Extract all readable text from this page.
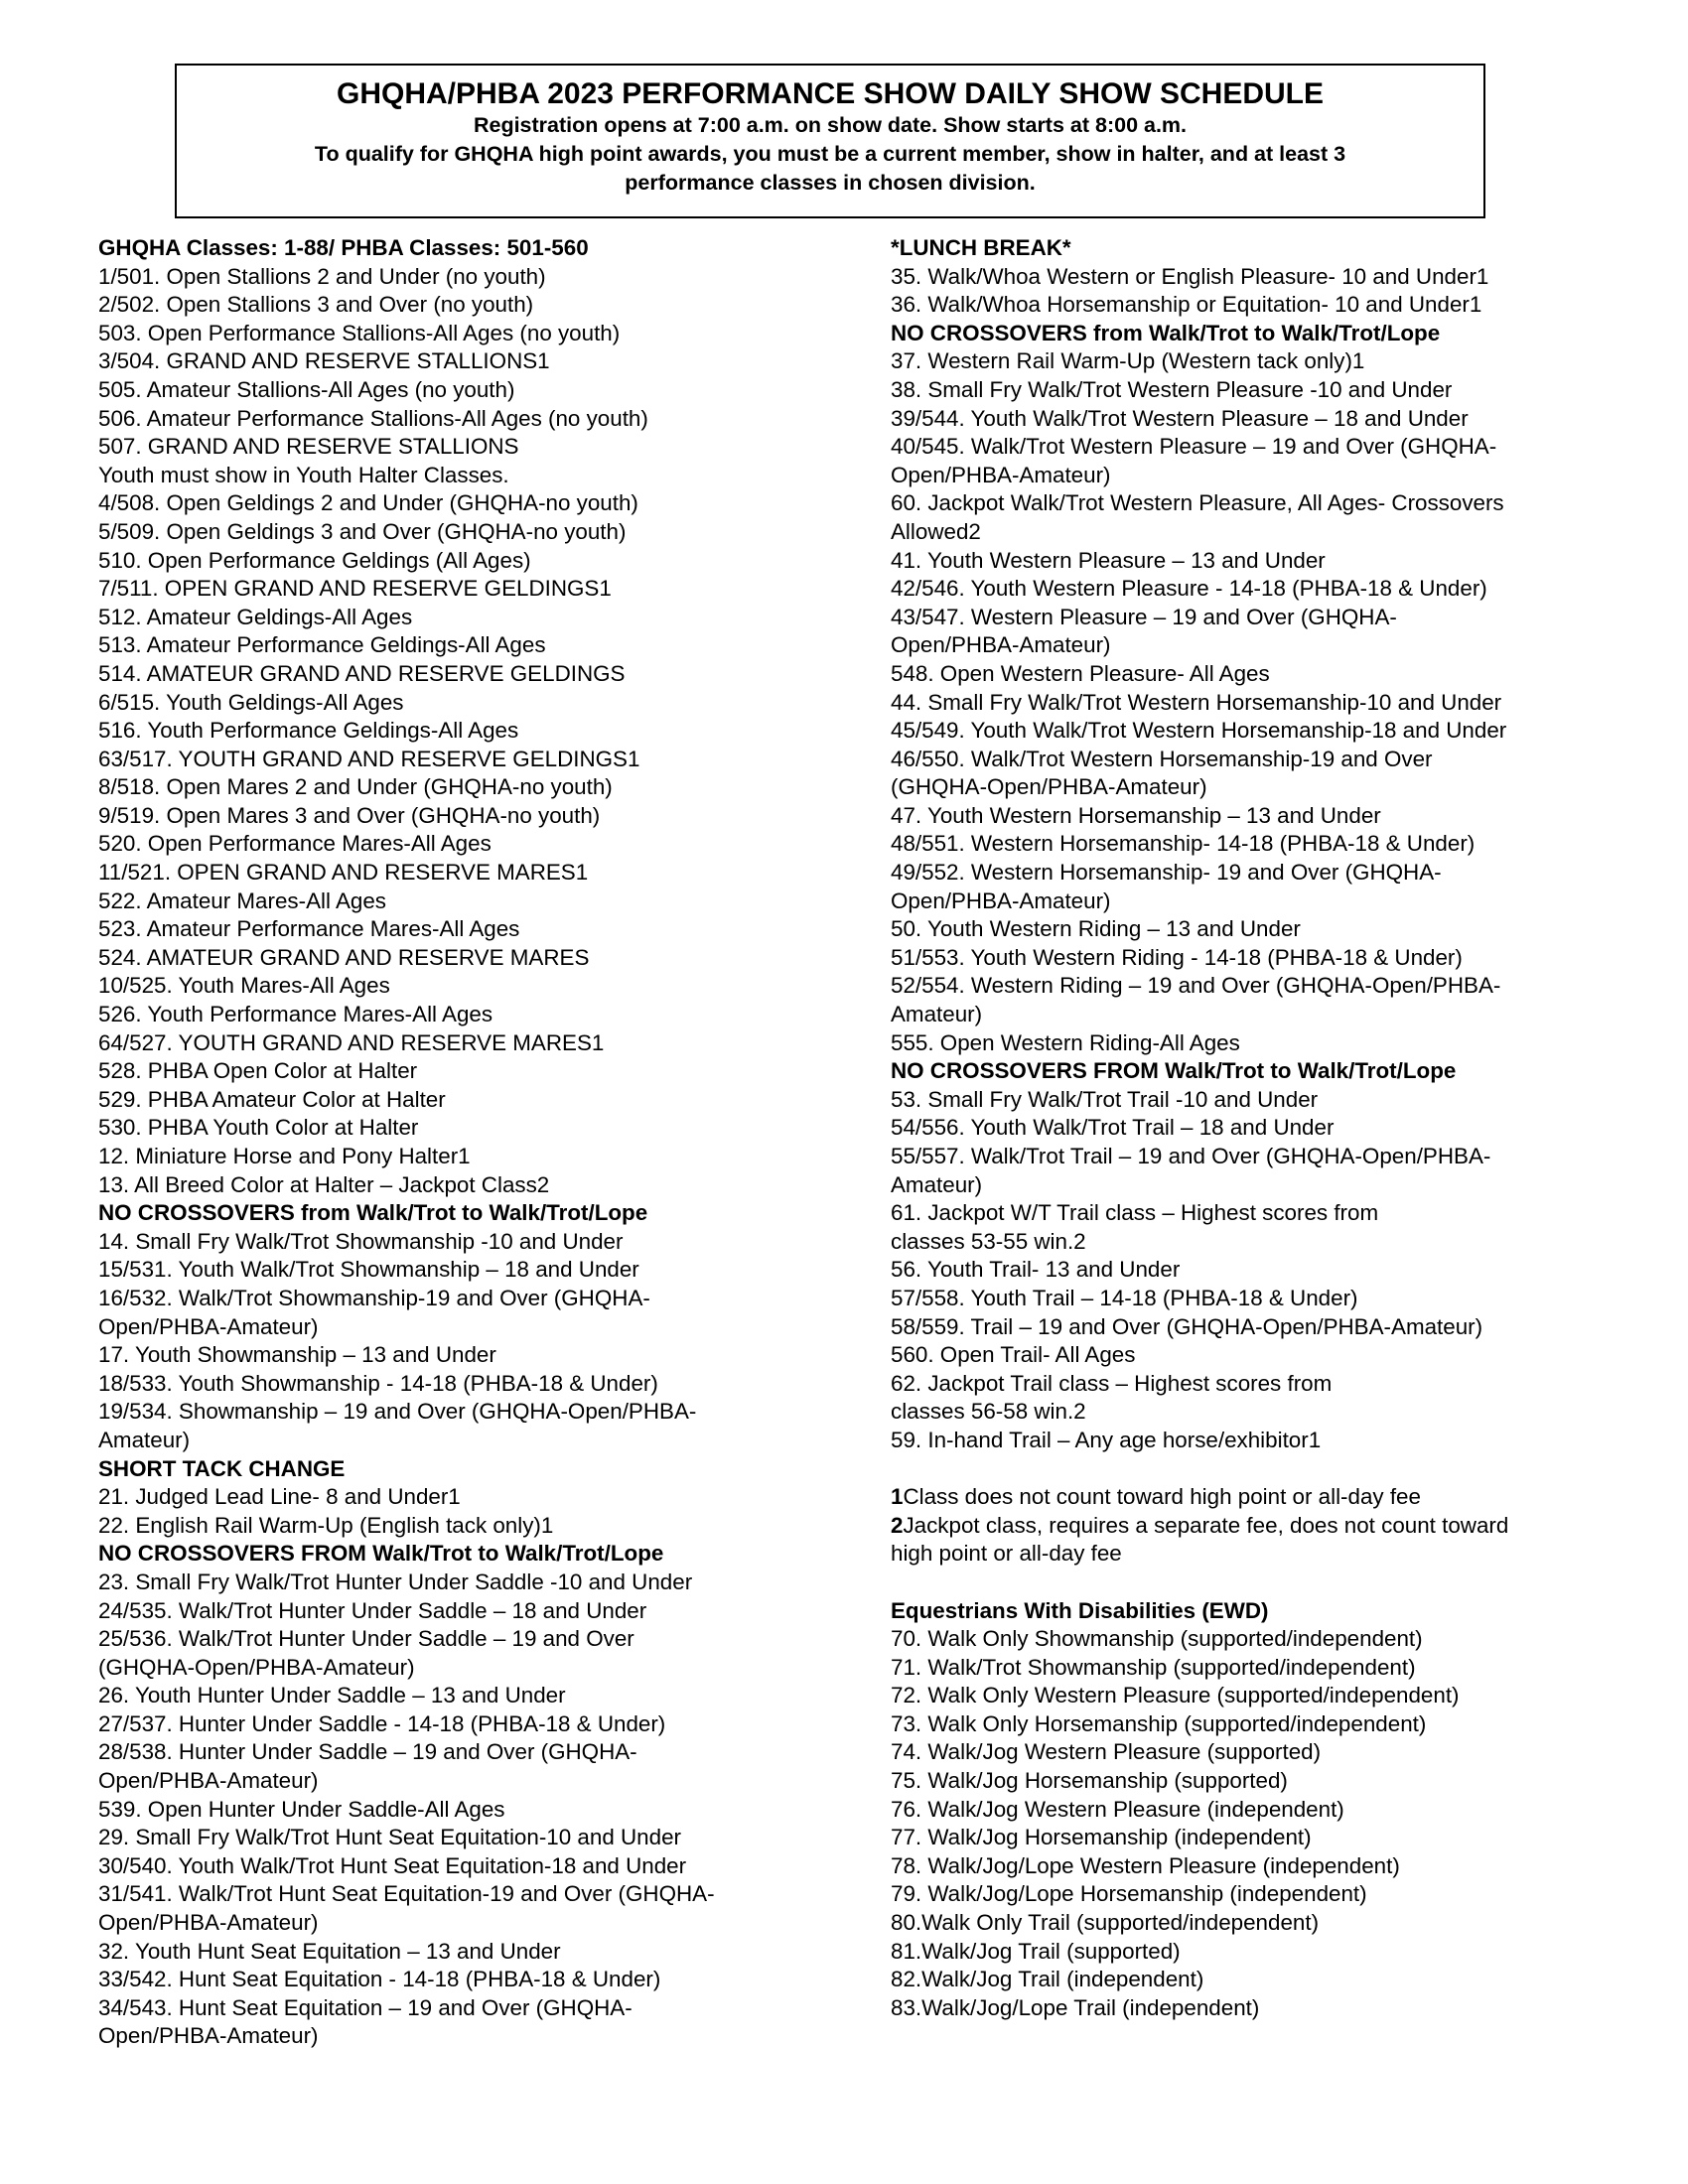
GHQHA/PHBA 2023 PERFORMANCE SHOW DAILY SHOW SCHEDULE
Registration opens at 7:00 a.m. on show date. Show starts at 8:00 a.m.
To qualify for GHQHA high point awards, you must be a current member, show in halter, and at least 3
performance classes in chosen division.
GHQHA Classes: 1-88/ PHBA Classes: 501-560
1/501. Open Stallions 2 and Under (no youth)
2/502. Open Stallions 3 and Over (no youth)
503. Open Performance Stallions-All Ages (no youth)
3/504. GRAND AND RESERVE STALLIONS1
505. Amateur Stallions-All Ages (no youth)
506. Amateur Performance Stallions-All Ages (no youth)
507. GRAND AND RESERVE STALLIONS
Youth must show in Youth Halter Classes.
4/508. Open Geldings 2 and Under (GHQHA-no youth)
5/509. Open Geldings 3 and Over (GHQHA-no youth)
510. Open Performance Geldings (All Ages)
7/511. OPEN GRAND AND RESERVE GELDINGS1
512. Amateur Geldings-All Ages
513. Amateur Performance Geldings-All Ages
514. AMATEUR GRAND AND RESERVE GELDINGS
6/515. Youth Geldings-All Ages
516. Youth Performance Geldings-All Ages
63/517. YOUTH GRAND AND RESERVE GELDINGS1
8/518. Open Mares 2 and Under (GHQHA-no youth)
9/519. Open Mares 3 and Over (GHQHA-no youth)
520. Open Performance Mares-All Ages
11/521. OPEN GRAND AND RESERVE MARES1
522. Amateur Mares-All Ages
523. Amateur Performance Mares-All Ages
524. AMATEUR GRAND AND RESERVE MARES
10/525. Youth Mares-All Ages
526. Youth Performance Mares-All Ages
64/527. YOUTH GRAND AND RESERVE MARES1
528. PHBA Open Color at Halter
529. PHBA Amateur Color at Halter
530. PHBA Youth Color at Halter
12. Miniature Horse and Pony Halter1
13. All Breed Color at Halter – Jackpot Class2
NO CROSSOVERS from Walk/Trot to Walk/Trot/Lope
14. Small Fry Walk/Trot Showmanship -10 and Under
15/531. Youth Walk/Trot Showmanship – 18 and Under
16/532. Walk/Trot Showmanship-19 and Over (GHQHA-
Open/PHBA-Amateur)
17. Youth Showmanship – 13 and Under
18/533. Youth Showmanship - 14-18 (PHBA-18 & Under)
19/534. Showmanship – 19 and Over (GHQHA-Open/PHBA-
Amateur)
SHORT TACK CHANGE
21. Judged Lead Line- 8 and Under1
22. English Rail Warm-Up (English tack only)1
NO CROSSOVERS FROM Walk/Trot to Walk/Trot/Lope
23. Small Fry Walk/Trot Hunter Under Saddle -10 and Under
24/535. Walk/Trot Hunter Under Saddle – 18 and Under
25/536. Walk/Trot Hunter Under Saddle – 19 and Over
(GHQHA-Open/PHBA-Amateur)
26. Youth Hunter Under Saddle – 13 and Under
27/537. Hunter Under Saddle - 14-18 (PHBA-18 & Under)
28/538. Hunter Under Saddle – 19 and Over (GHQHA-
Open/PHBA-Amateur)
539. Open Hunter Under Saddle-All Ages
29. Small Fry Walk/Trot Hunt Seat Equitation-10 and Under
30/540. Youth Walk/Trot Hunt Seat Equitation-18 and Under
31/541. Walk/Trot Hunt Seat Equitation-19 and Over (GHQHA-
Open/PHBA-Amateur)
32. Youth Hunt Seat Equitation – 13 and Under
33/542. Hunt Seat Equitation - 14-18 (PHBA-18 & Under)
34/543. Hunt Seat Equitation – 19 and Over (GHQHA-
Open/PHBA-Amateur)
*LUNCH BREAK*
35. Walk/Whoa Western or English Pleasure- 10 and Under1
36. Walk/Whoa Horsemanship or Equitation- 10 and Under1
NO CROSSOVERS from Walk/Trot to Walk/Trot/Lope
37. Western Rail Warm-Up (Western tack only)1
38. Small Fry Walk/Trot Western Pleasure -10 and Under
39/544. Youth Walk/Trot Western Pleasure – 18 and Under
40/545. Walk/Trot Western Pleasure – 19 and Over (GHQHA-
Open/PHBA-Amateur)
60. Jackpot Walk/Trot Western Pleasure, All Ages- Crossovers
Allowed2
41. Youth Western Pleasure – 13 and Under
42/546. Youth Western Pleasure - 14-18 (PHBA-18 & Under)
43/547. Western Pleasure – 19 and Over (GHQHA-
Open/PHBA-Amateur)
548. Open Western Pleasure- All Ages
44. Small Fry Walk/Trot Western Horsemanship-10 and Under
45/549. Youth Walk/Trot Western Horsemanship-18 and Under
46/550. Walk/Trot Western Horsemanship-19 and Over
(GHQHA-Open/PHBA-Amateur)
47. Youth Western Horsemanship – 13 and Under
48/551. Western Horsemanship- 14-18 (PHBA-18 & Under)
49/552. Western Horsemanship- 19 and Over (GHQHA-
Open/PHBA-Amateur)
50. Youth Western Riding – 13 and Under
51/553. Youth Western Riding - 14-18 (PHBA-18 & Under)
52/554. Western Riding – 19 and Over (GHQHA-Open/PHBA-
Amateur)
555. Open Western Riding-All Ages
NO CROSSOVERS FROM Walk/Trot to Walk/Trot/Lope
53. Small Fry Walk/Trot Trail -10 and Under
54/556. Youth Walk/Trot Trail – 18 and Under
55/557. Walk/Trot Trail – 19 and Over (GHQHA-Open/PHBA-
Amateur)
61. Jackpot W/T Trail class – Highest scores from
classes 53-55 win.2
56. Youth Trail- 13 and Under
57/558. Youth Trail – 14-18 (PHBA-18 & Under)
58/559. Trail – 19 and Over (GHQHA-Open/PHBA-Amateur)
560. Open Trail- All Ages
62. Jackpot Trail class – Highest scores from
classes 56-58 win.2
59. In-hand Trail – Any age horse/exhibitor1
1Class does not count toward high point or all-day fee
2Jackpot class, requires a separate fee, does not count toward
high point or all-day fee
Equestrians With Disabilities (EWD)
70. Walk Only Showmanship (supported/independent)
71. Walk/Trot Showmanship (supported/independent)
72. Walk Only Western Pleasure (supported/independent)
73. Walk Only Horsemanship (supported/independent)
74. Walk/Jog Western Pleasure (supported)
75. Walk/Jog Horsemanship (supported)
76. Walk/Jog Western Pleasure (independent)
77. Walk/Jog Horsemanship (independent)
78. Walk/Jog/Lope Western Pleasure (independent)
79. Walk/Jog/Lope Horsemanship (independent)
80.Walk Only Trail (supported/independent)
81.Walk/Jog Trail (supported)
82.Walk/Jog Trail (independent)
83.Walk/Jog/Lope Trail (independent)
